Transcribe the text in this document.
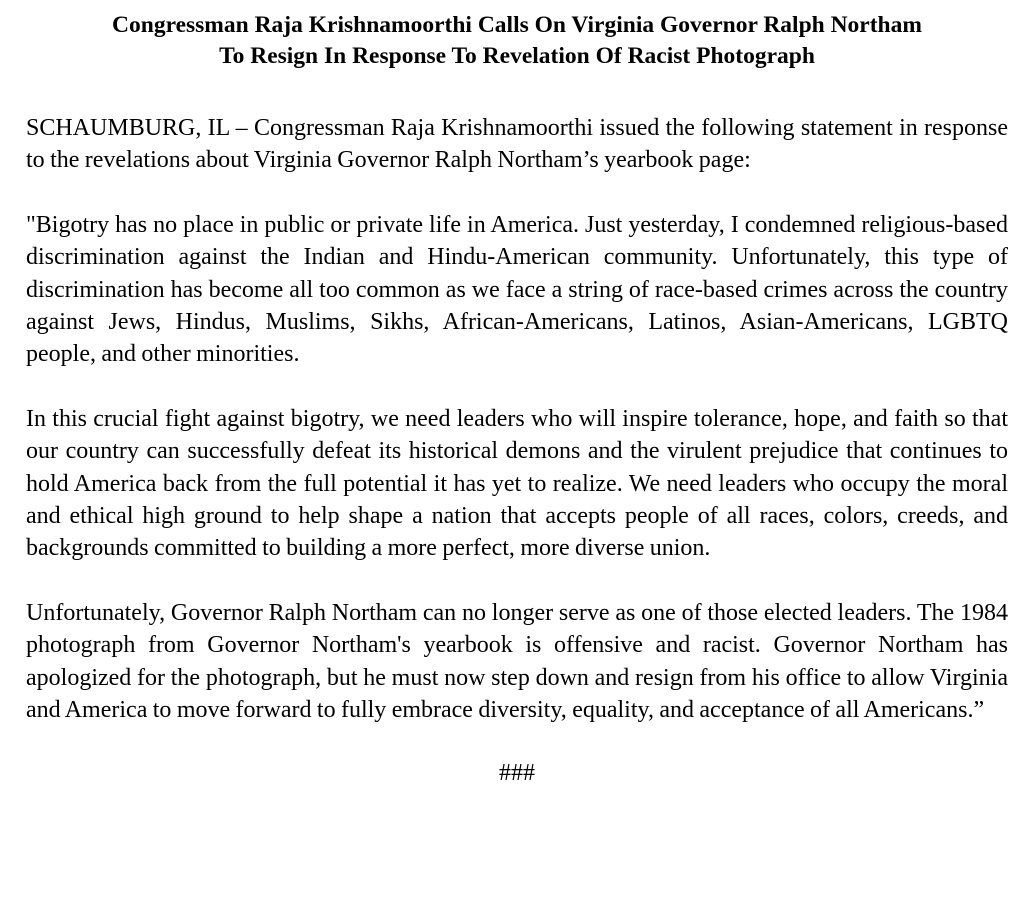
Congressman Raja Krishnamoorthi Calls On Virginia Governor Ralph Northam
To Resign In Response To Revelation Of Racist Photograph

SCHAUMBURG, IL – Congressman Raja Krishnamoorthi issued the following statement in response to the revelations about Virginia Governor Ralph Northam’s yearbook page:

"Bigotry has no place in public or private life in America. Just yesterday, I condemned religious-based discrimination against the Indian and Hindu-American community. Unfortunately, this type of discrimination has become all too common as we face a string of race-based crimes across the country against Jews, Hindus, Muslims, Sikhs, African-Americans, Latinos, Asian-Americans, LGBTQ people, and other minorities.

In this crucial fight against bigotry, we need leaders who will inspire tolerance, hope, and faith so that our country can successfully defeat its historical demons and the virulent prejudice that continues to hold America back from the full potential it has yet to realize. We need leaders who occupy the moral and ethical high ground to help shape a nation that accepts people of all races, colors, creeds, and backgrounds committed to building a more perfect, more diverse union.

Unfortunately, Governor Ralph Northam can no longer serve as one of those elected leaders. The 1984 photograph from Governor Northam's yearbook is offensive and racist. Governor Northam has apologized for the photograph, but he must now step down and resign from his office to allow Virginia and America to move forward to fully embrace diversity, equality, and acceptance of all Americans.”

###
